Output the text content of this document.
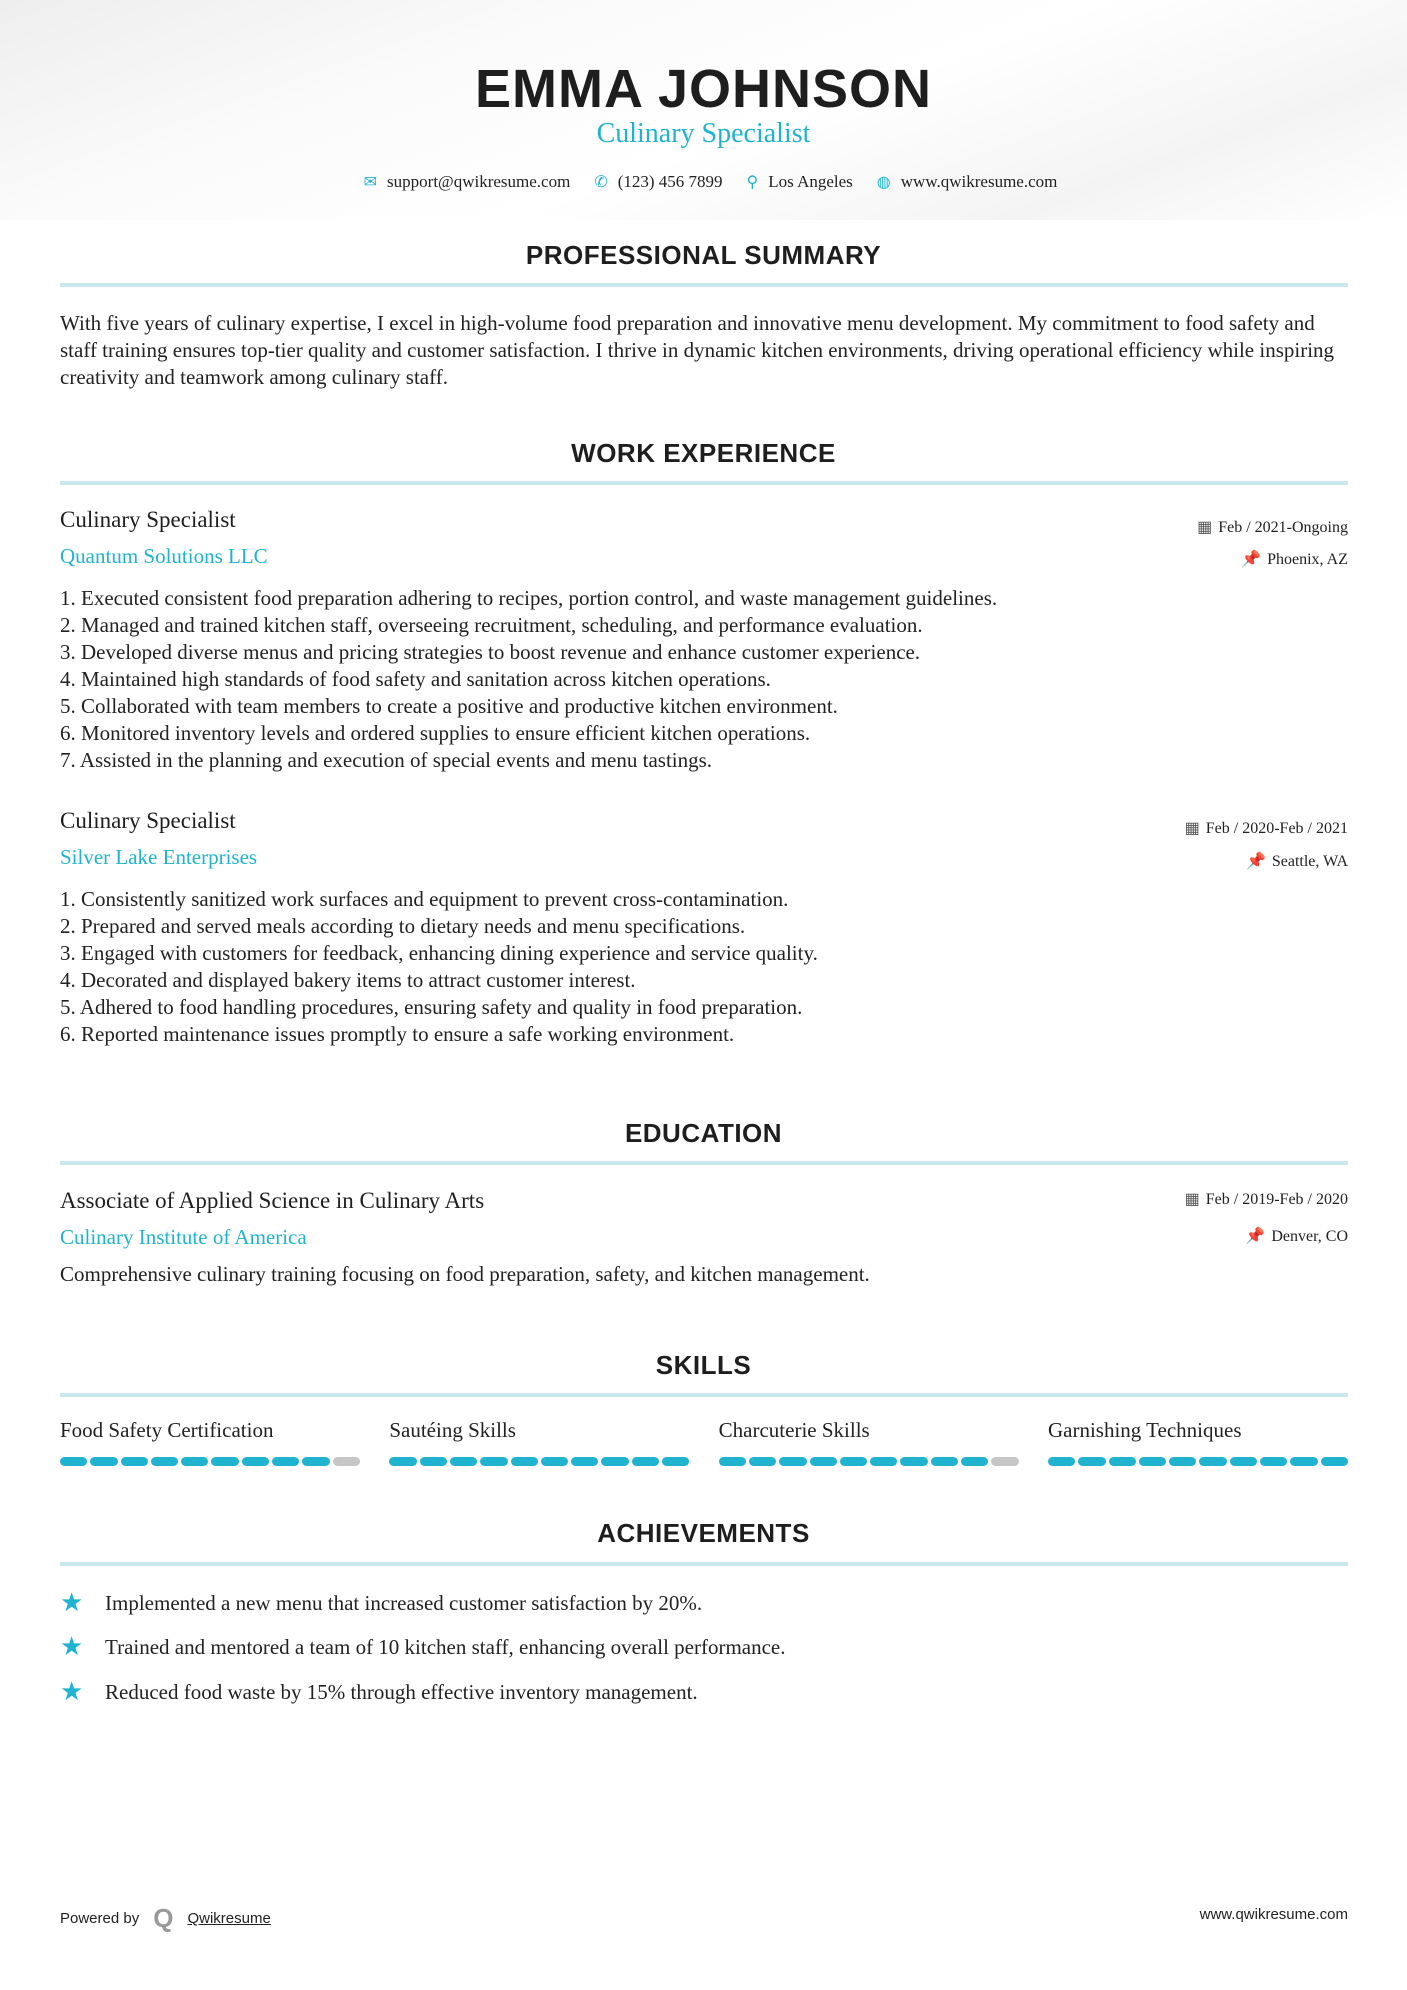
EMMA JOHNSON
Culinary Specialist
✉ support@qwikresume.com ✆ (123) 456 7899 ⚲ Los Angeles ◍ www.qwikresume.com
PROFESSIONAL SUMMARY
With five years of culinary expertise, I excel in high-volume food preparation and innovative menu development. My commitment to food safety and staff training ensures top-tier quality and customer satisfaction. I thrive in dynamic kitchen environments, driving operational efficiency while inspiring creativity and teamwork among culinary staff.
WORK EXPERIENCE
Culinary Specialist
Quantum Solutions LLC
▦ Feb / 2021-Ongoing
📌 Phoenix, AZ
1. Executed consistent food preparation adhering to recipes, portion control, and waste management guidelines.
2. Managed and trained kitchen staff, overseeing recruitment, scheduling, and performance evaluation.
3. Developed diverse menus and pricing strategies to boost revenue and enhance customer experience.
4. Maintained high standards of food safety and sanitation across kitchen operations.
5. Collaborated with team members to create a positive and productive kitchen environment.
6. Monitored inventory levels and ordered supplies to ensure efficient kitchen operations.
7. Assisted in the planning and execution of special events and menu tastings.
Culinary Specialist
Silver Lake Enterprises
▦ Feb / 2020-Feb / 2021
📌 Seattle, WA
1. Consistently sanitized work surfaces and equipment to prevent cross-contamination.
2. Prepared and served meals according to dietary needs and menu specifications.
3. Engaged with customers for feedback, enhancing dining experience and service quality.
4. Decorated and displayed bakery items to attract customer interest.
5. Adhered to food handling procedures, ensuring safety and quality in food preparation.
6. Reported maintenance issues promptly to ensure a safe working environment.
EDUCATION
Associate of Applied Science in Culinary Arts
Culinary Institute of America
▦ Feb / 2019-Feb / 2020
📌 Denver, CO
Comprehensive culinary training focusing on food preparation, safety, and kitchen management.
SKILLS
Food Safety Certification	Sautéing Skills	Charcuterie Skills	Garnishing Techniques
ACHIEVEMENTS
★	Implemented a new menu that increased customer satisfaction by 20%.
★	Trained and mentored a team of 10 kitchen staff, enhancing overall performance.
★	Reduced food waste by 15% through effective inventory management.
Powered by Q Qwikresume	www.qwikresume.com
